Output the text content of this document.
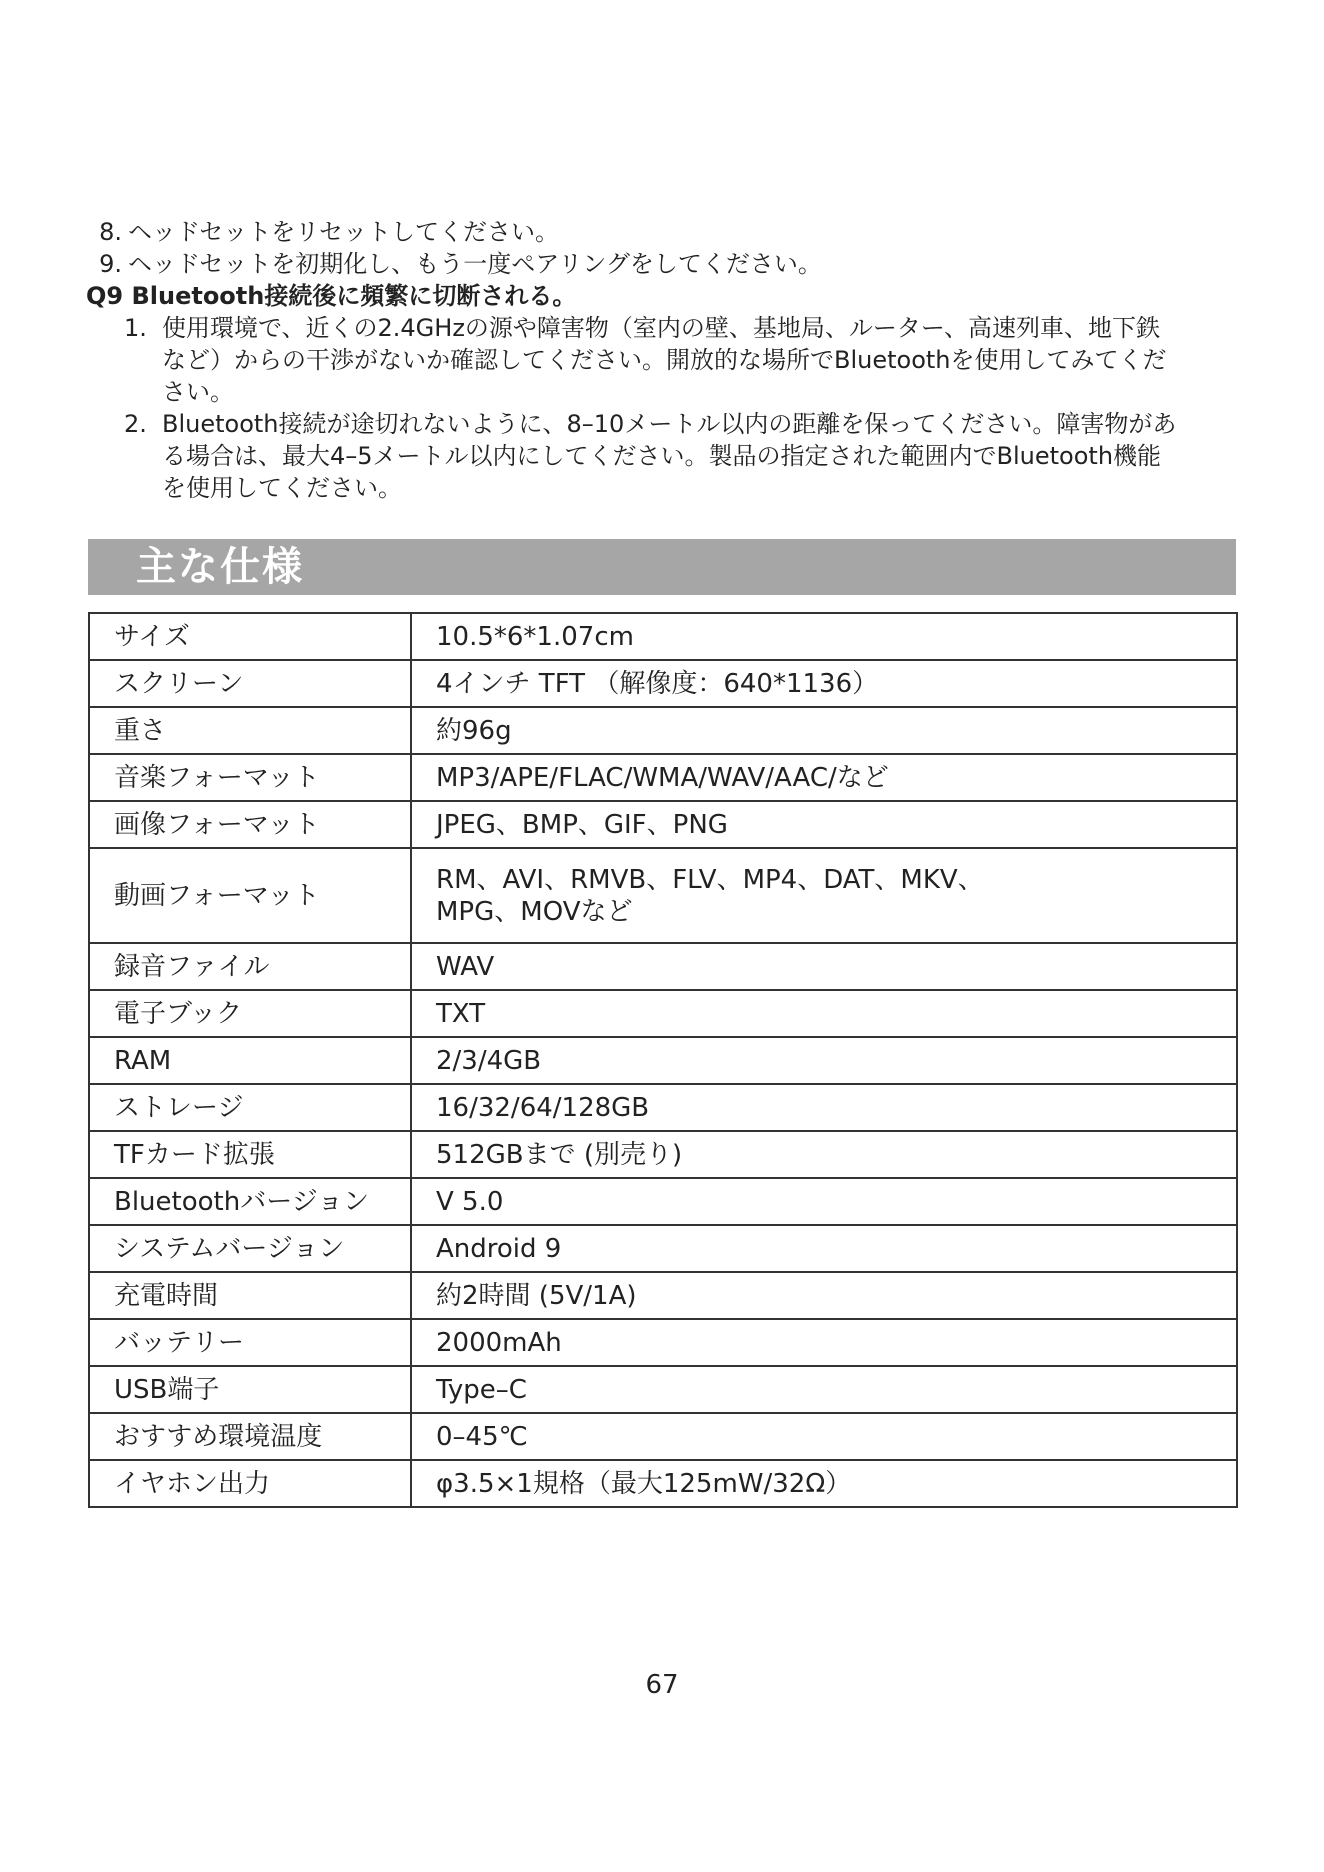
8. ヘッドセットをリセットしてください。
9. ヘッドセットを初期化し、もう一度ペアリングをしてください。
Q9 Bluetooth接続後に頻繁に切断される。
1. 使用環境で、近くの2.4GHzの源や障害物（室内の壁、基地局、ルーター、高速列車、地下鉄
など）からの干渉がないか確認してください。開放的な場所でBluetoothを使用してみてくだ
さい。
2. Bluetooth接続が途切れないように、8–10メートル以内の距離を保ってください。障害物があ
る場合は、最大4–5メートル以内にしてください。製品の指定された範囲内でBluetooth機能
を使用してください。
主な仕様
サイズ	10.5*6*1.07cm
スクリーン	4インチ TFT （解像度：640*1136）
重さ	約96g
音楽フォーマット	MP3/APE/FLAC/WMA/WAV/AAC/など
画像フォーマット	JPEG、BMP、GIF、PNG
動画フォーマット	RM、AVI、RMVB、FLV、MP4、DAT、MKV、
MPG、MOVなど

録音ファイル	WAV
電子ブック	TXT
RAM	2/3/4GB
ストレージ	16/32/64/128GB
TFカード拡張	512GBまで (別売り)
Bluetoothバージョン	V 5.0
システムバージョン	Android 9
充電時間	約2時間 (5V/1A)
バッテリー	2000mAh
USB端子	Type–C
おすすめ環境温度	0–45℃
イヤホン出力	φ3.5×1規格（最大125mW/32Ω）
67
